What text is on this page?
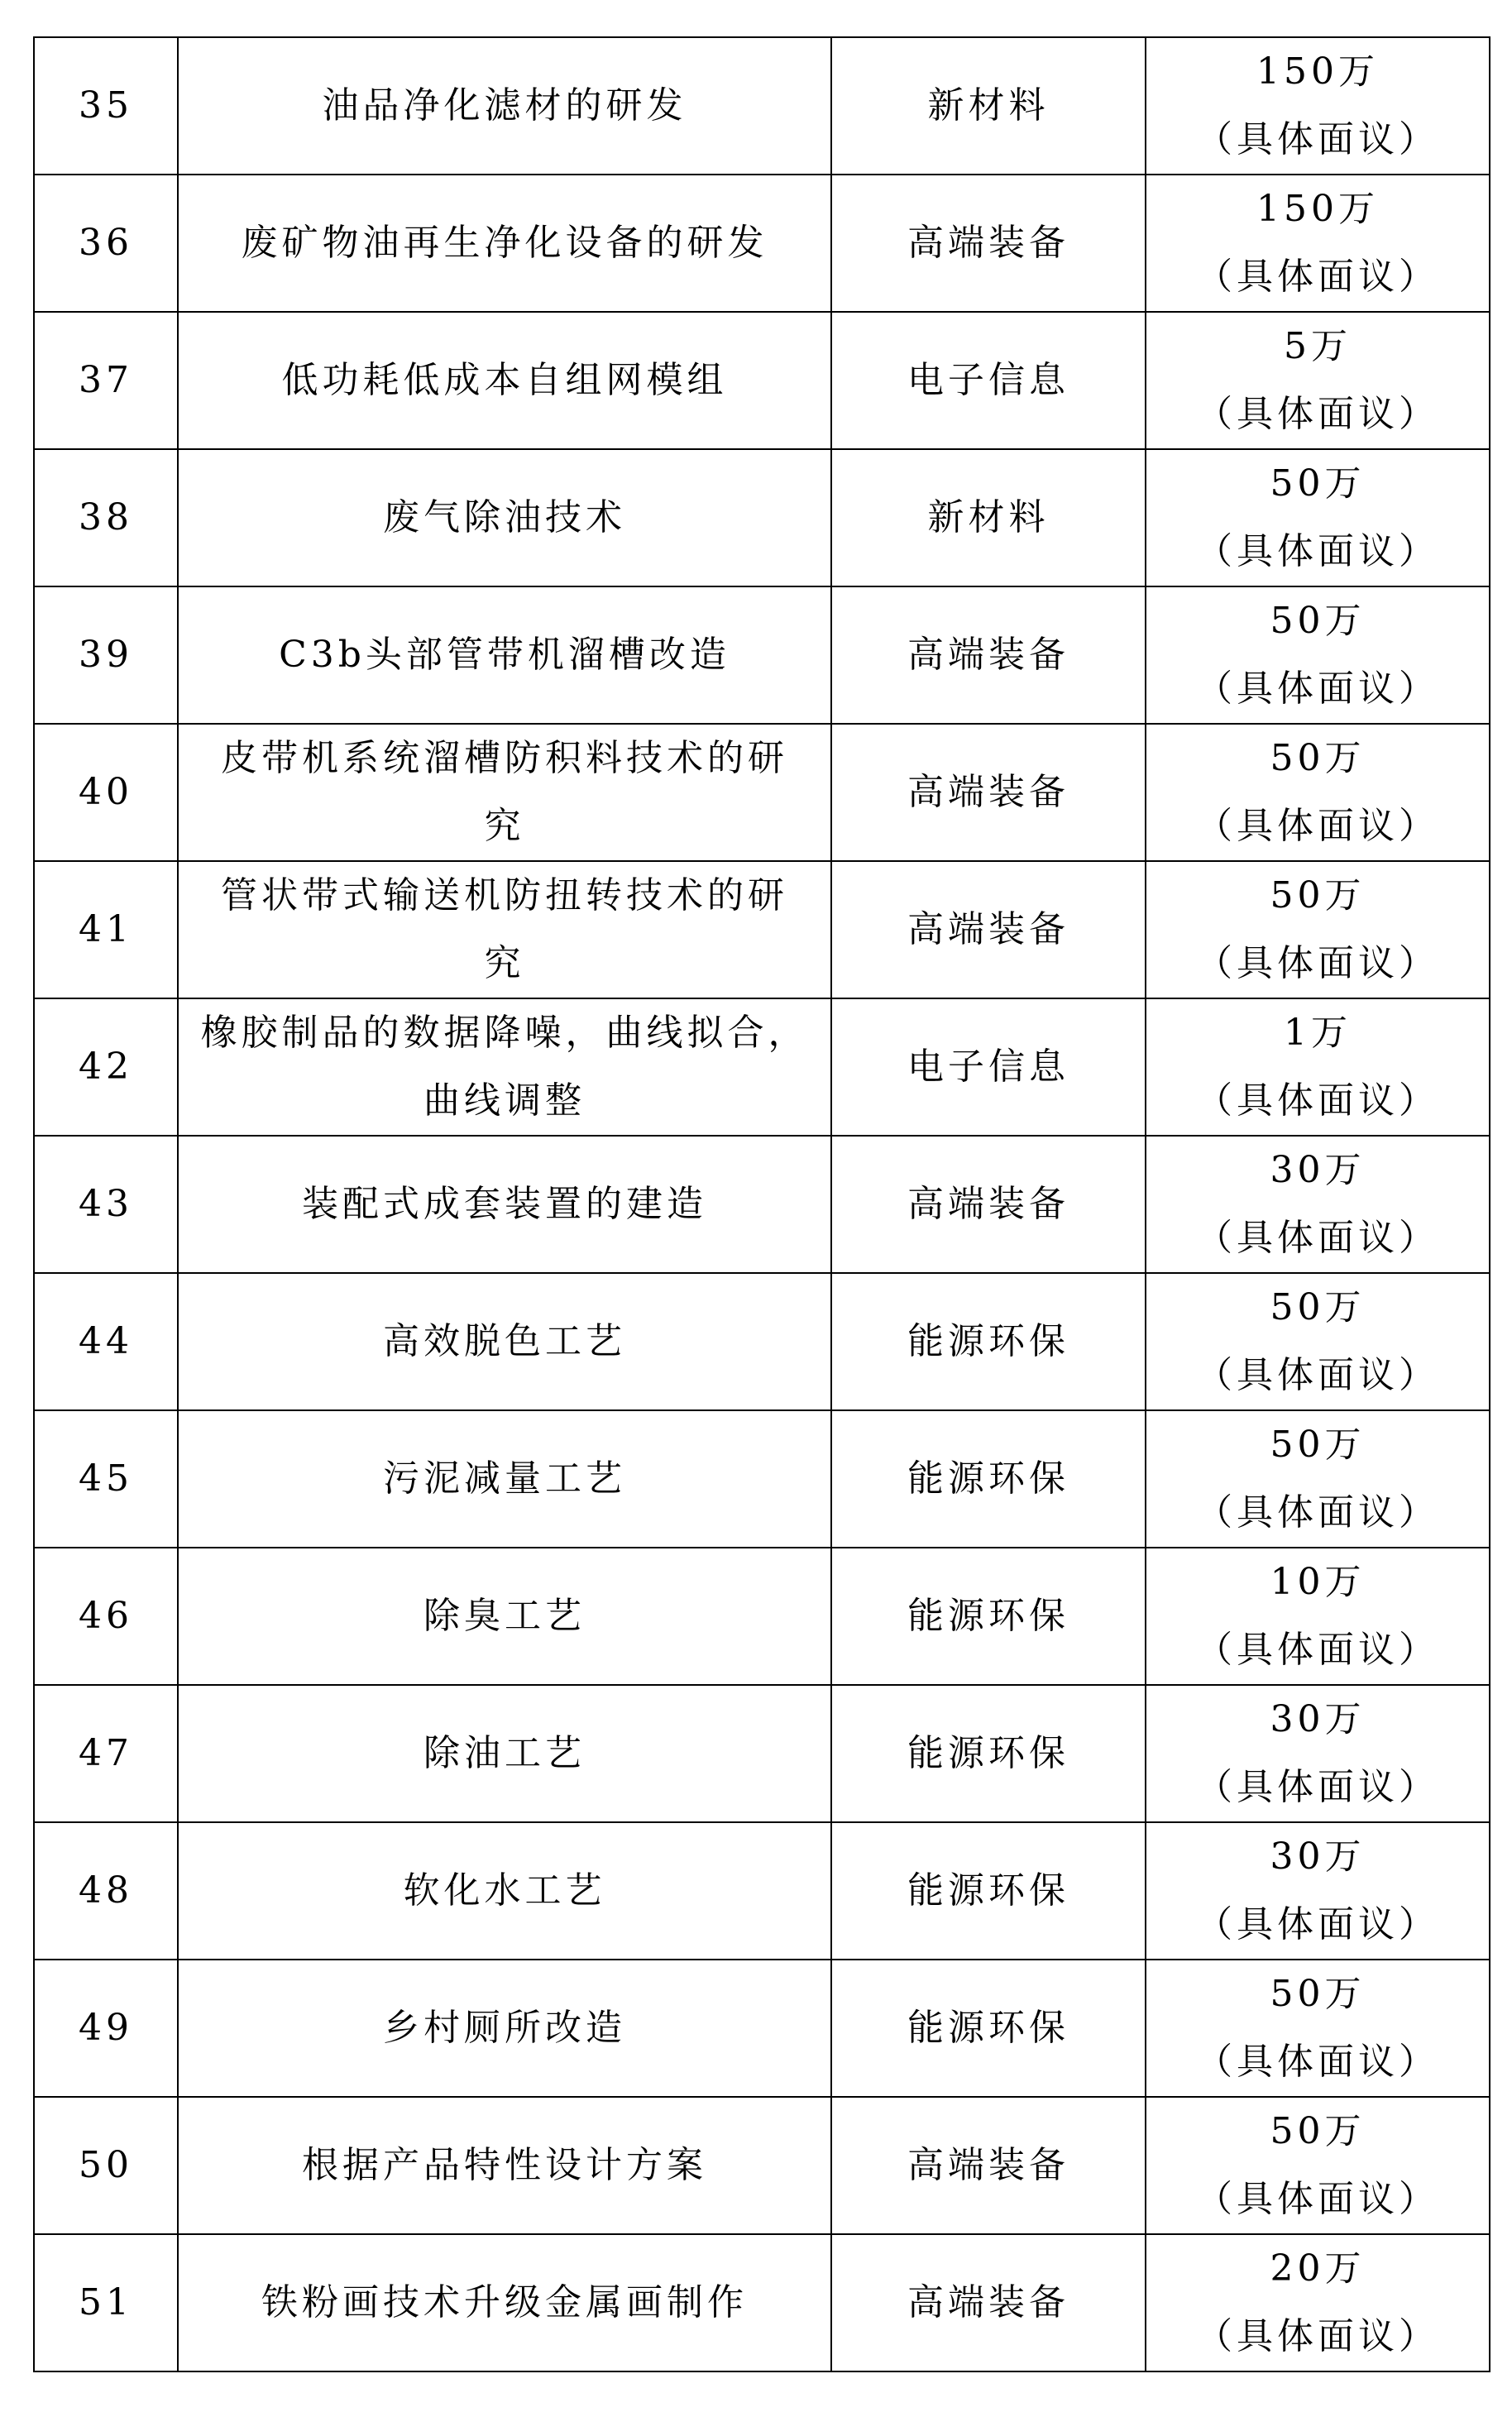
35	油品净化滤材的研发	新材料	150万
（具体面议）

36	废矿物油再生净化设备的研发	高端装备	150万
（具体面议）

37	低功耗低成本自组网模组	电子信息	5万
（具体面议）

38	废气除油技术	新材料	50万
（具体面议）

39	C3b头部管带机溜槽改造	高端装备	50万
（具体面议）

40	皮带机系统溜槽防积料技术的研
究	高端装备	50万
（具体面议）

41	管状带式输送机防扭转技术的研
究	高端装备	50万
（具体面议）

42	橡胶制品的数据降噪，曲线拟合，
曲线调整	电子信息	1万
（具体面议）

43	装配式成套装置的建造	高端装备	30万
（具体面议）

44	高效脱色工艺	能源环保	50万
（具体面议）

45	污泥减量工艺	能源环保	50万
（具体面议）

46	除臭工艺	能源环保	10万
（具体面议）

47	除油工艺	能源环保	30万
（具体面议）

48	软化水工艺	能源环保	30万
（具体面议）

49	乡村厕所改造	能源环保	50万
（具体面议）

50	根据产品特性设计方案	高端装备	50万
（具体面议）

51	铁粉画技术升级金属画制作	高端装备	20万
（具体面议）
